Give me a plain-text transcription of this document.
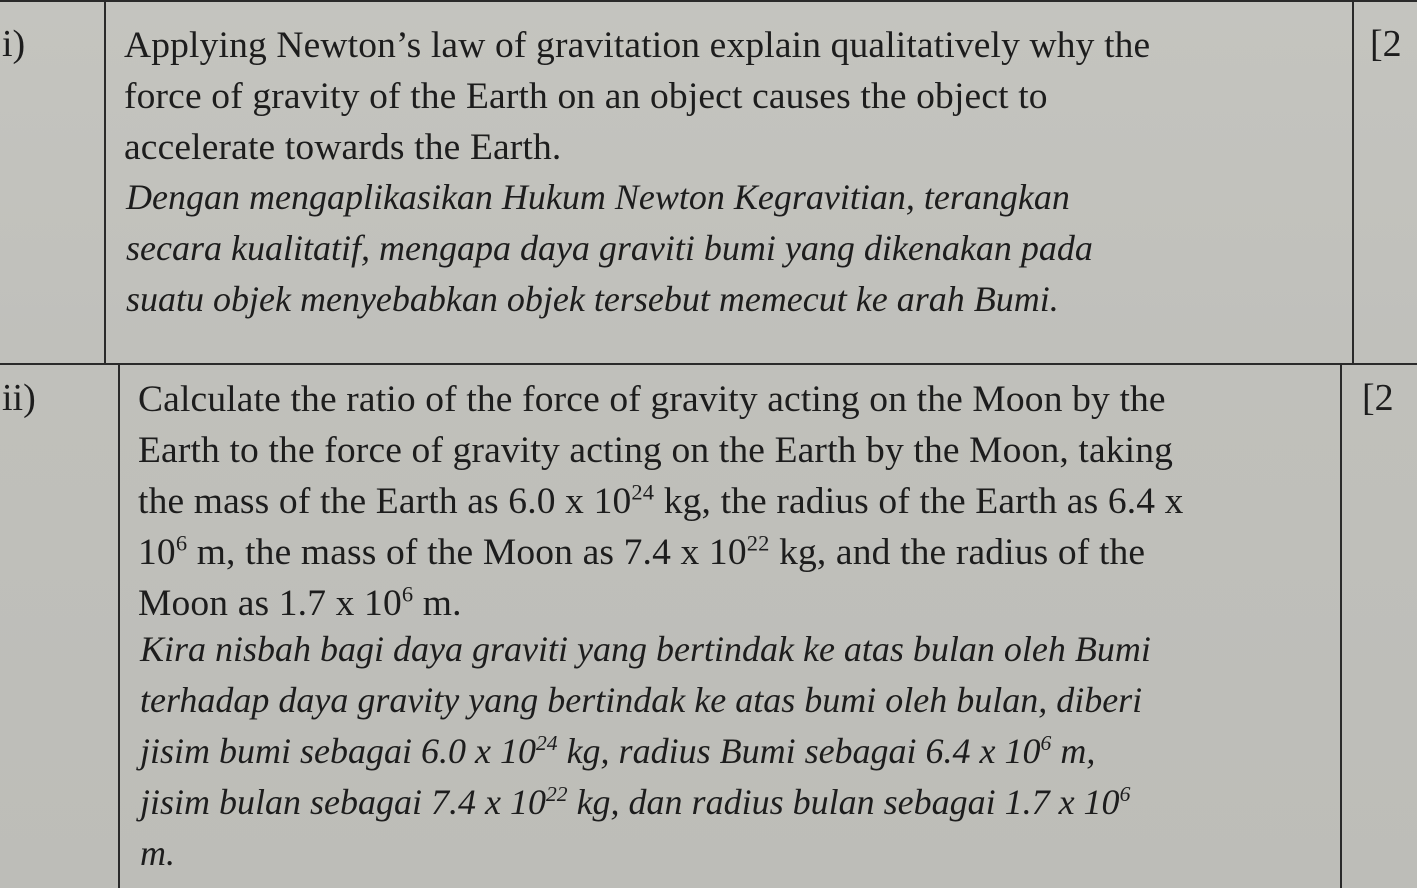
i)	[2
Applying Newton’s law of gravitation explain qualitatively why the
force of gravity of the Earth on an object causes the object to
accelerate towards the Earth.
Dengan mengaplikasikan Hukum Newton Kegravitian, terangkan
secara kualitatif, mengapa daya graviti bumi yang dikenakan pada
suatu objek menyebabkan objek tersebut memecut ke arah Bumi.
ii)	[2
Calculate the ratio of the force of gravity acting on the Moon by the
Earth to the force of gravity acting on the Earth by the Moon, taking
the mass of the Earth as 6.0 x $10^{24}$ kg, the radius of the Earth as 6.4 x
$10^6$ m, the mass of the Moon as 7.4 x $10^{22}$ kg, and the radius of the
Moon as 1.7 x $10^6$ m.
Kira nisbah bagi daya graviti yang bertindak ke atas bulan oleh Bumi
terhadap daya gravity yang bertindak ke atas bumi oleh bulan, diberi
jisim bumi sebagai 6.0 x $10^{24}$ kg, radius Bumi sebagai 6.4 x $10^6$ m,
jisim bulan sebagai 7.4 x $10^{22}$ kg, dan radius bulan sebagai 1.7 x $10^6$
m.
